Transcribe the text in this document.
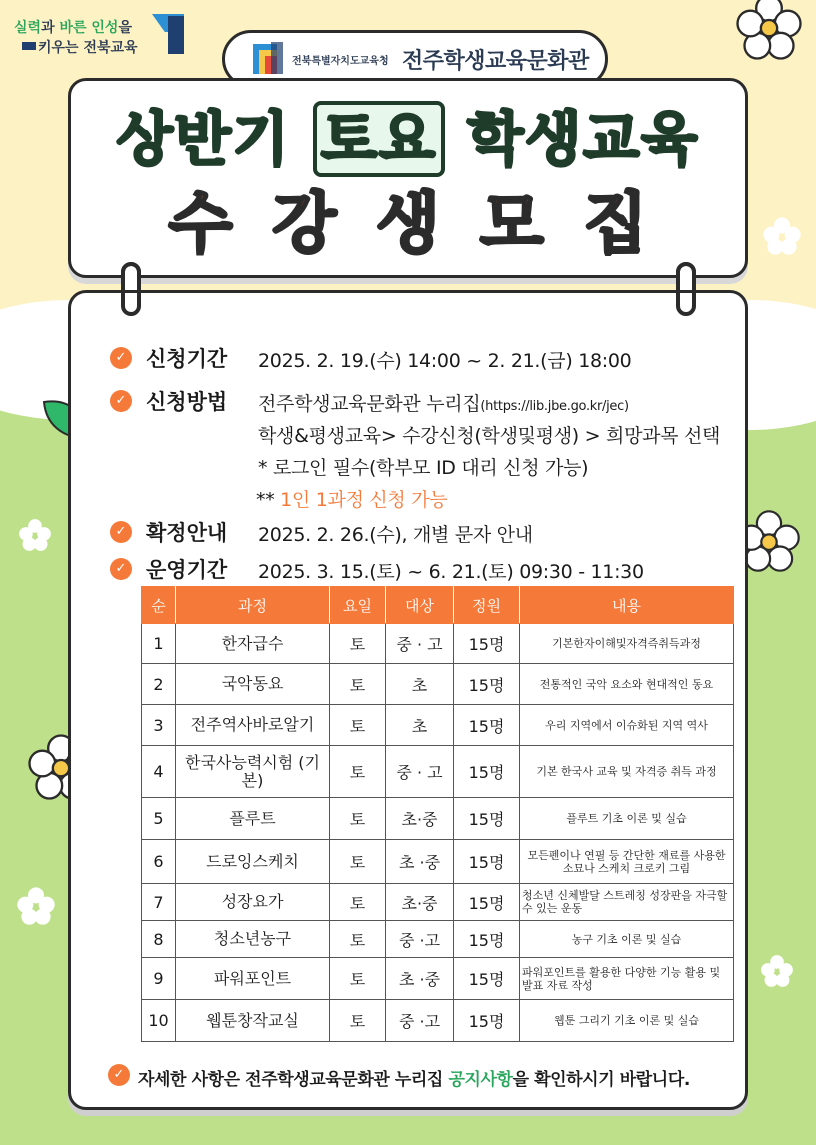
실력과 바른 인성을
키우는 전북교육
전북특별자치도교육청 전주학생교육문화관
상반기 토요 학생교육
수강생모집
✓ 신청기간 2025. 2. 19.(수) 14:00 ~ 2. 21.(금) 18:00
✓ 신청방법 전주학생교육문화관 누리집(https://lib.jbe.go.kr/jec)
학생&평생교육> 수강신청(학생및평생) > 희망과목 선택
* 로그인 필수(학부모 ID 대리 신청 가능)
** 1인 1과정 신청 가능
✓ 확정안내 2025. 2. 26.(수), 개별 문자 안내
✓ 운영기간 2025. 3. 15.(토) ~ 6. 21.(토) 09:30 - 11:30
순	과정	요일	대상	정원	내용
1	한자급수	토	중 · 고	15명	기본한자이해및자격즉취득과정
2	국악동요	토	초	15명	전통적인 국악 요소와 현대적인 동요
3	전주역사바로알기	토	초	15명	우리 지역에서 이슈화된 지역 역사
4	한국사능력시험 (기본)	토	중 · 고	15명	기본 한국사 교육 및 자격증 취득 과정
5	플루트	토	초·중	15명	플루트 기초 이론 및 실습
6	드로잉스케치	토	초 ·중	15명	모든펜이나 연필 등 간단한 재료를 사용한 소묘나 스케치 크로키 그림
7	성장요가	토	초·중	15명	청소년 신체발달 스트레칭 성장판을 자극할 수 있는 운동
8	청소년농구	토	중 ·고	15명	농구 기초 이론 및 실습
9	파워포인트	토	초 ·중	15명	파워포인트를 활용한 다양한 기능 활용 및 발표 자료 작성
10	웹툰창작교실	토	중 ·고	15명	웹툰 그리기 기초 이론 및 실습
✓ 자세한 사항은 전주학생교육문화관 누리집 공지사항을 확인하시기 바랍니다.
